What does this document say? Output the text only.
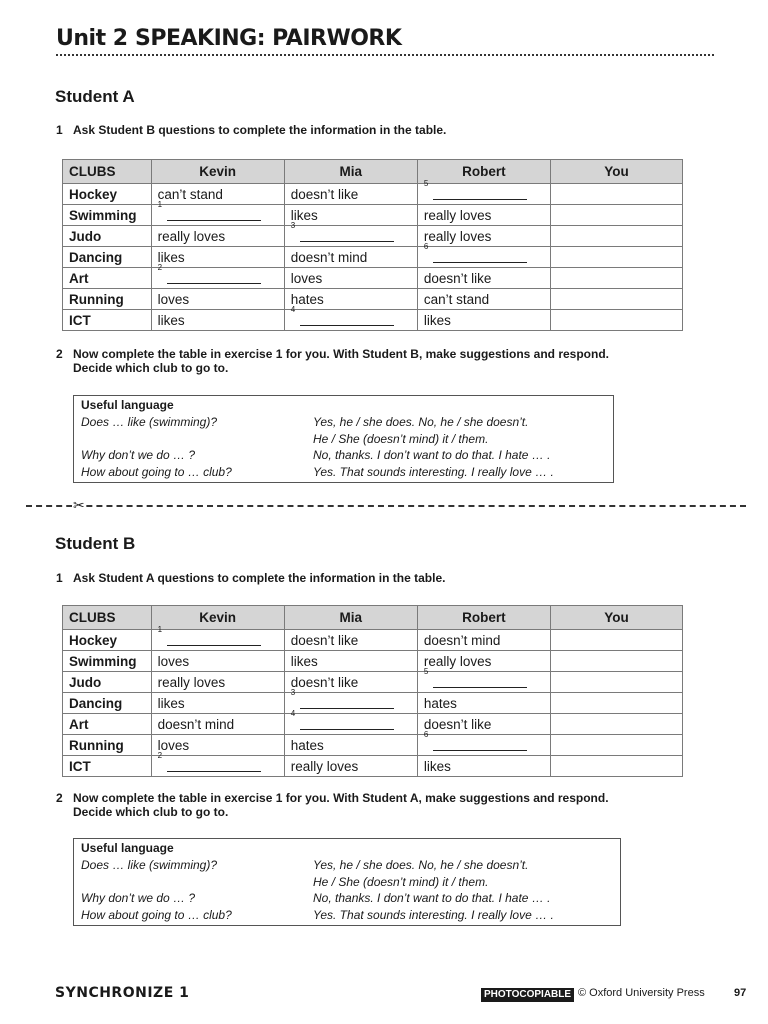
Unit 2 SPEAKING: PAIRWORK
Student A
1 Ask Student B questions to complete the information in the table.
CLUBS	Kevin	Mia	Robert	You
Hockey	can’t stand	doesn’t like	5	

Swimming	1	likes	really loves	
Judo	really loves	3	really loves	
Dancing	likes	doesn’t mind	6	

Art	2	loves	doesn’t like	
Running	loves	hates	can’t stand	
ICT	likes	4	likes	
2 Now complete the table in exercise 1 for you. With Student B, make suggestions and respond.
Decide which club to go to.
Useful language
Does … like (swimming)?	Yes, he / she does. No, he / she doesn’t.
He / She (doesn’t mind) it / them.
Why don’t we do … ?	No, thanks. I don’t want to do that. I hate … .
How about going to … club?	Yes. That sounds interesting. I really love … .
✂
Student B
1 Ask Student A questions to complete the information in the table.
CLUBS	Kevin	Mia	Robert	You
Hockey	1	doesn’t like	doesn’t mind	
Swimming	loves	likes	really loves	
Judo	really loves	doesn’t like	5	

Dancing	likes	3	hates	
Art	doesn’t mind	4	doesn’t like	
Running	loves	hates	6	

ICT	2	really loves	likes	
2 Now complete the table in exercise 1 for you. With Student A, make suggestions and respond.
Decide which club to go to.
Useful language
Does … like (swimming)?	Yes, he / she does. No, he / she doesn’t.
He / She (doesn’t mind) it / them.
Why don’t we do … ?	No, thanks. I don’t want to do that. I hate … .
How about going to … club?	Yes. That sounds interesting. I really love … .
SYNCHRONIZE 1	PHOTOCOPIABLE © Oxford University Press	97
